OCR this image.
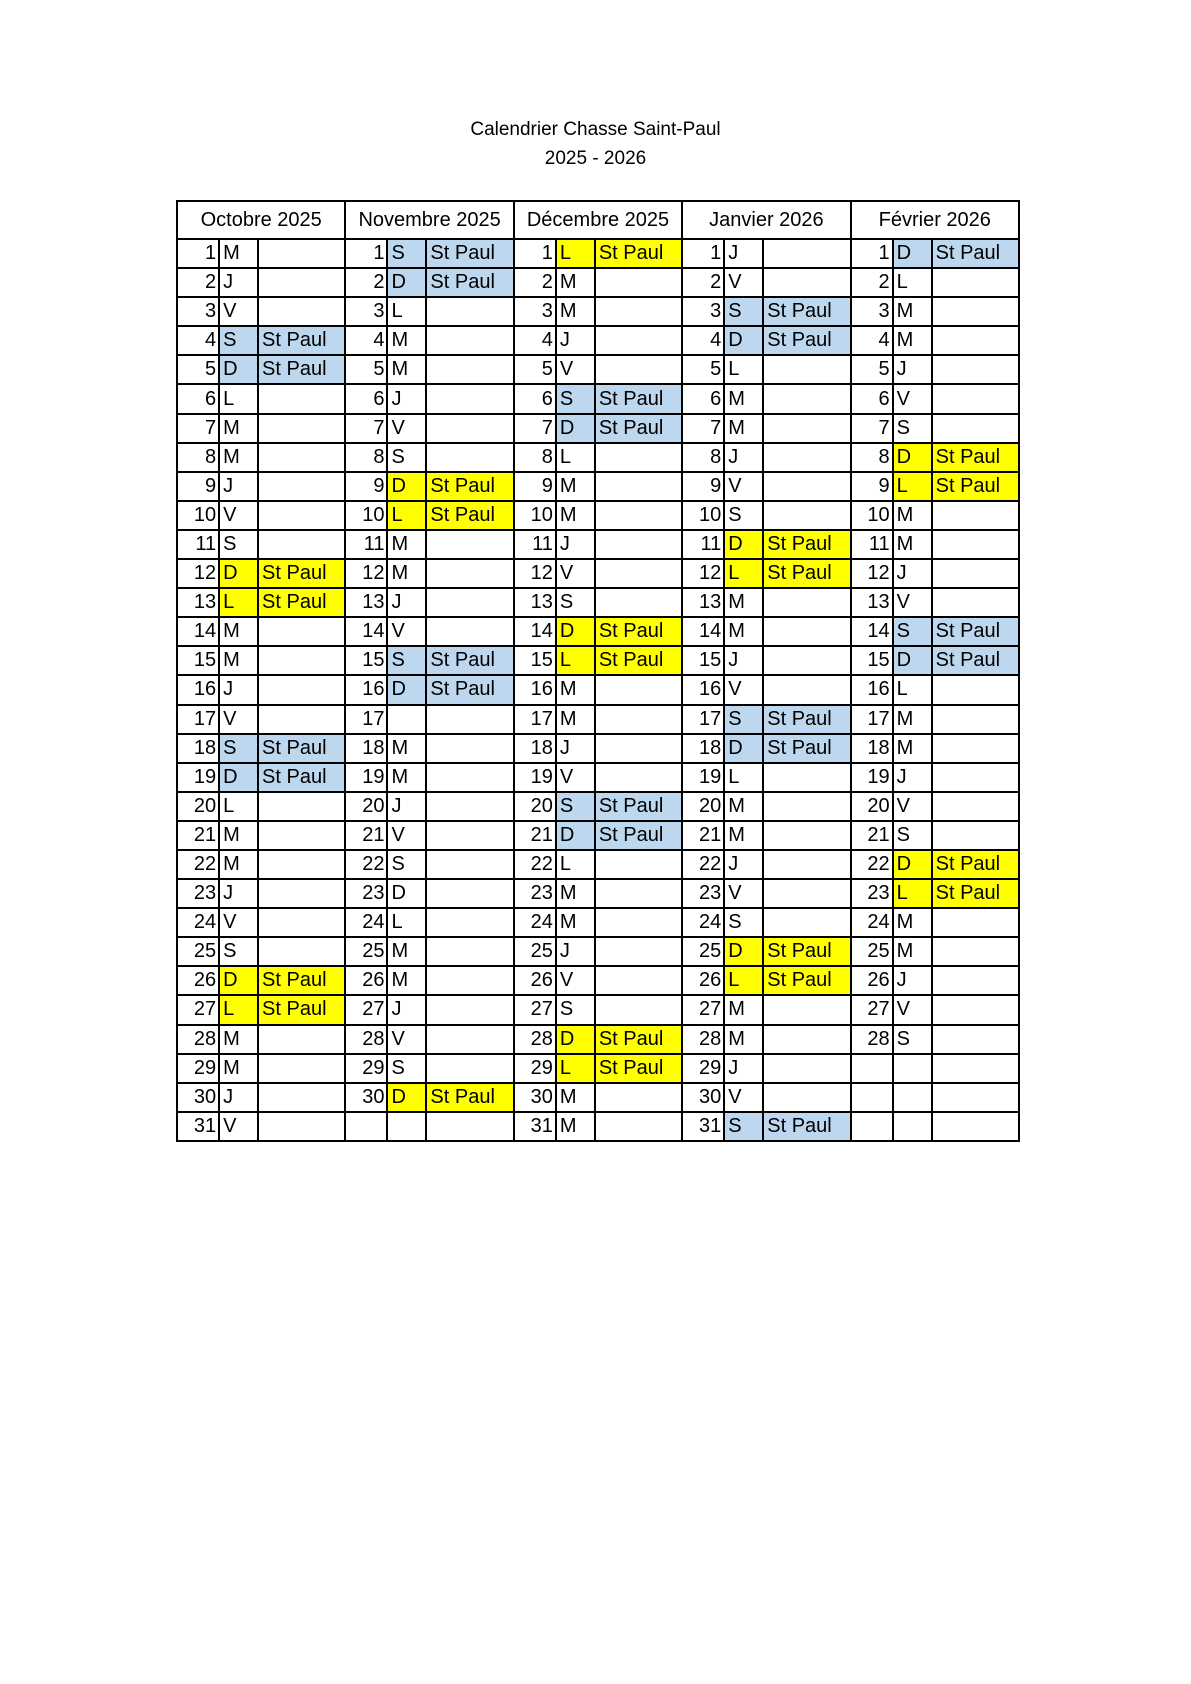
Calendrier Chasse Saint-Paul
2025 - 2026
Octobre 2025			Novembre 2025			Décembre 2025			Janvier 2026			Février 2026		
1	M		1	S	St Paul	1	L	St Paul	1	J		1	D	St Paul
2	J		2	D	St Paul	2	M		2	V		2	L	
3	V		3	L		3	M		3	S	St Paul	3	M	
4	S	St Paul	4	M		4	J		4	D	St Paul	4	M	
5	D	St Paul	5	M		5	V		5	L		5	J	
6	L		6	J		6	S	St Paul	6	M		6	V	
7	M		7	V		7	D	St Paul	7	M		7	S	
8	M		8	S		8	L		8	J		8	D	St Paul
9	J		9	D	St Paul	9	M		9	V		9	L	St Paul
10	V		10	L	St Paul	10	M		10	S		10	M	
11	S		11	M		11	J		11	D	St Paul	11	M	
12	D	St Paul	12	M		12	V		12	L	St Paul	12	J	
13	L	St Paul	13	J		13	S		13	M		13	V	
14	M		14	V		14	D	St Paul	14	M		14	S	St Paul
15	M		15	S	St Paul	15	L	St Paul	15	J		15	D	St Paul
16	J		16	D	St Paul	16	M		16	V		16	L	
17	V		17			17	M		17	S	St Paul	17	M	
18	S	St Paul	18	M		18	J		18	D	St Paul	18	M	
19	D	St Paul	19	M		19	V		19	L		19	J	
20	L		20	J		20	S	St Paul	20	M		20	V	
21	M		21	V		21	D	St Paul	21	M		21	S	
22	M		22	S		22	L		22	J		22	D	St Paul
23	J		23	D		23	M		23	V		23	L	St Paul
24	V		24	L		24	M		24	S		24	M	
25	S		25	M		25	J		25	D	St Paul	25	M	
26	D	St Paul	26	M		26	V		26	L	St Paul	26	J	
27	L	St Paul	27	J		27	S		27	M		27	V	
28	M		28	V		28	D	St Paul	28	M		28	S	
29	M		29	S		29	L	St Paul	29	J				
30	J		30	D	St Paul	30	M		30	V				
31	V					31	M		31	S	St Paul			
